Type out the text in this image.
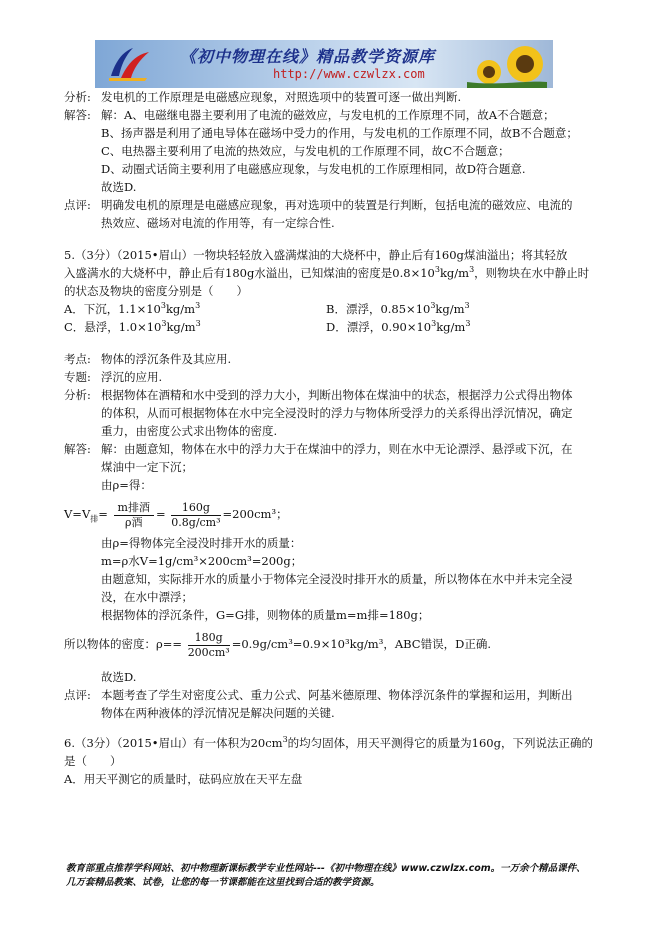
《初中物理在线》精品教学资源库
http://www.czwlzx.com
分析: 发电机的工作原理是电磁感应现象，对照选项中的装置可逐一做出判断.
解答: 解：A、电磁继电器主要利用了电流的磁效应，与发电机的工作原理不同，故A不合题意；
B、扬声器是利用了通电导体在磁场中受力的作用，与发电机的工作原理不同，故B不合题意；
C、电热器主要利用了电流的热效应，与发电机的工作原理不同，故C不合题意；
D、动圈式话筒主要利用了电磁感应现象，与发电机的工作原理相同，故D符合题意.
故选D.
点评: 明确发电机的原理是电磁感应现象，再对选项中的装置是行判断，包括电流的磁效应、电流的
热效应、磁场对电流的作用等，有一定综合性.
5.（3分）（2015•眉山）一物块轻轻放入盛满煤油的大烧杯中，静止后有160g煤油溢出；将其轻放
入盛满水的大烧杯中，静止后有180g水溢出，已知煤油的密度是$0.8\times 10^3kg/m^3$，则物块在水中静止时
的状态及物块的密度分别是（　　）
A．下沉，$1.1\times 10^3kg/m^3$	B．漂浮，$0.85\times 10^3kg/m^3$
C．悬浮，$1.0\times 10^3kg/m^3$	D．漂浮，$0.90\times 10^3kg/m^3$
考点: 物体的浮沉条件及其应用.
专题: 浮沉的应用.
分析: 根据物体在酒精和水中受到的浮力大小，判断出物体在煤油中的状态，根据浮力公式得出物体
的体积，从而可根据物体在水中完全浸没时的浮力与物体所受浮力的关系得出浮沉情况，确定
重力，由密度公式求出物体的密度.
解答: 解：由题意知，物体在水中的浮力大于在煤油中的浮力，则在水中无论漂浮、悬浮或下沉，在
煤油中一定下沉；
由ρ=得：
$V=V_排= \frac{\text{m排酒}}{\text{ρ酒}} = \frac{160g}{\text{0.8g/cm³}} =200cm^3$；
由ρ=得物体完全浸没时排开水的质量：
m=ρ水V=1g/cm³×200cm³=200g；
由题意知，实际排开水的质量小于物体完全浸没时排开水的质量，所以物体在水中并未完全浸
没，在水中漂浮；
根据物体的浮沉条件，G=G排，则物体的质量m=m排=180g；
所以物体的密度：$\rho== \frac{180g}{\text{200cm³}} =0.9g/cm^3=0.9\times 10^3kg/m^3$，ABC错误，D正确.
故选D.
点评: 本题考查了学生对密度公式、重力公式、阿基米德原理、物体浮沉条件的掌握和运用，判断出
物体在两种液体的浮沉情况是解决问题的关键.
6.（3分）（2015•眉山）有一体积为$20cm^3$的均匀固体，用天平测得它的质量为160g，下列说法正确的
是（　　）
A．用天平测它的质量时，砝码应放在天平左盘
教育部重点推荐学科网站、初中物理新课标教学专业性网站---《初中物理在线》www.czwlzx.com。一万余个精品课件、
几万套精品教案、试卷，让您的每一节课都能在这里找到合适的教学资源。
